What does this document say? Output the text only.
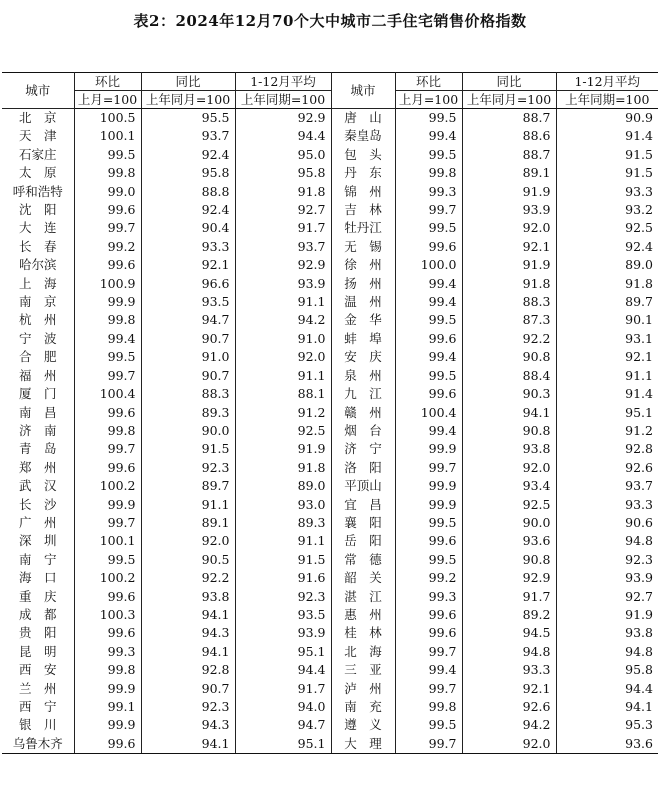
表2：2024年12月70个大中城市二手住宅销售价格指数
城市	环比	同比	1-12月平均	城市	环比	同比	1-12月平均
	上月=100	上年同月=100	上年同期=100		上月=100	上年同月=100	上年同期=100
北　京	100.5	95.5	92.9	唐　山	99.5	88.7	90.9
天　津	100.1	93.7	94.4	秦皇岛	99.4	88.6	91.4
石家庄	99.5	92.4	95.0	包　头	99.5	88.7	91.5
太　原	99.8	95.8	95.8	丹　东	99.8	89.1	91.5
呼和浩特	99.0	88.8	91.8	锦　州	99.3	91.9	93.3
沈　阳	99.6	92.4	92.7	吉　林	99.7	93.9	93.2
大　连	99.7	90.4	91.7	牡丹江	99.5	92.0	92.5
长　春	99.2	93.3	93.7	无　锡	99.6	92.1	92.4
哈尔滨	99.6	92.1	92.9	徐　州	100.0	91.9	89.0
上　海	100.9	96.6	93.9	扬　州	99.4	91.8	91.8
南　京	99.9	93.5	91.1	温　州	99.4	88.3	89.7
杭　州	99.8	94.7	94.2	金　华	99.5	87.3	90.1
宁　波	99.4	90.7	91.0	蚌　埠	99.6	92.2	93.1
合　肥	99.5	91.0	92.0	安　庆	99.4	90.8	92.1
福　州	99.7	90.7	91.1	泉　州	99.5	88.4	91.1
厦　门	100.4	88.3	88.1	九　江	99.6	90.3	91.4
南　昌	99.6	89.3	91.2	赣　州	100.4	94.1	95.1
济　南	99.8	90.0	92.5	烟　台	99.4	90.8	91.2
青　岛	99.7	91.5	91.9	济　宁	99.9	93.8	92.8
郑　州	99.6	92.3	91.8	洛　阳	99.7	92.0	92.6
武　汉	100.2	89.7	89.0	平顶山	99.9	93.4	93.7
长　沙	99.9	91.1	93.0	宜　昌	99.9	92.5	93.3
广　州	99.7	89.1	89.3	襄　阳	99.5	90.0	90.6
深　圳	100.1	92.0	91.1	岳　阳	99.6	93.6	94.8
南　宁	99.5	90.5	91.5	常　德	99.5	90.8	92.3
海　口	100.2	92.2	91.6	韶　关	99.2	92.9	93.9
重　庆	99.6	93.8	92.3	湛　江	99.3	91.7	92.7
成　都	100.3	94.1	93.5	惠　州	99.6	89.2	91.9
贵　阳	99.6	94.3	93.9	桂　林	99.6	94.5	93.8
昆　明	99.3	94.1	95.1	北　海	99.7	94.8	94.8
西　安	99.8	92.8	94.4	三　亚	99.4	93.3	95.8
兰　州	99.9	90.7	91.7	泸　州	99.7	92.1	94.4
西　宁	99.1	92.3	94.0	南　充	99.8	92.6	94.1
银　川	99.9	94.3	94.7	遵　义	99.5	94.2	95.3
乌鲁木齐	99.6	94.1	95.1	大　理	99.7	92.0	93.6
